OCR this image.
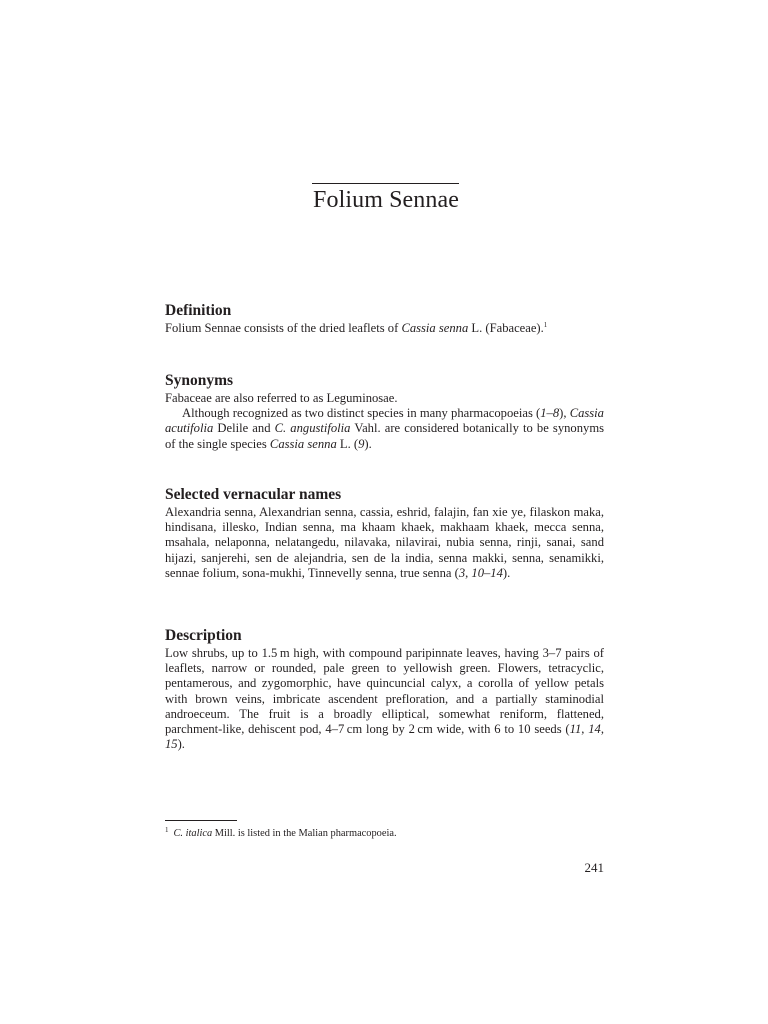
Folium Sennae
Definition

Folium Sennae consists of the dried leaflets of Cassia senna L. (Fabaceae).$^1$

Synonyms

Fabaceae are also referred to as Leguminosae.

Although recognized as two distinct species in many pharmacopoeias (1–8), Cassia acutifolia Delile and C. angustifolia Vahl. are considered botanically to be synonyms of the single species Cassia senna L. (9).

Selected vernacular names

Alexandria senna, Alexandrian senna, cassia, eshrid, falajin, fan xie ye, filaskon maka, hindisana, illesko, Indian senna, ma khaam khaek, makhaam khaek, mecca senna, msahala, nelaponna, nelatangedu, nilavaka, nilavirai, nubia senna, rinji, sanai, sand hijazi, sanjerehi, sen de alejandria, sen de la india, senna makki, senna, senamikki, sennae folium, sona-mukhi, Tinnevelly senna, true senna (3, 10–14).

Description

Low shrubs, up to 1.5 m high, with compound paripinnate leaves, having 3–7 pairs of leaflets, narrow or rounded, pale green to yellowish green. Flowers, tetracyclic, pentamerous, and zygomorphic, have quincuncial calyx, a corolla of yellow petals with brown veins, imbricate ascendent prefloration, and a partially staminodial androeceum. The fruit is a broadly elliptical, somewhat reniform, flattened, parchment-like, dehiscent pod, 4–7 cm long by 2 cm wide, with 6 to 10 seeds (11, 14, 15).

$^1$ C. italica Mill. is listed in the Malian pharmacopoeia.
241
